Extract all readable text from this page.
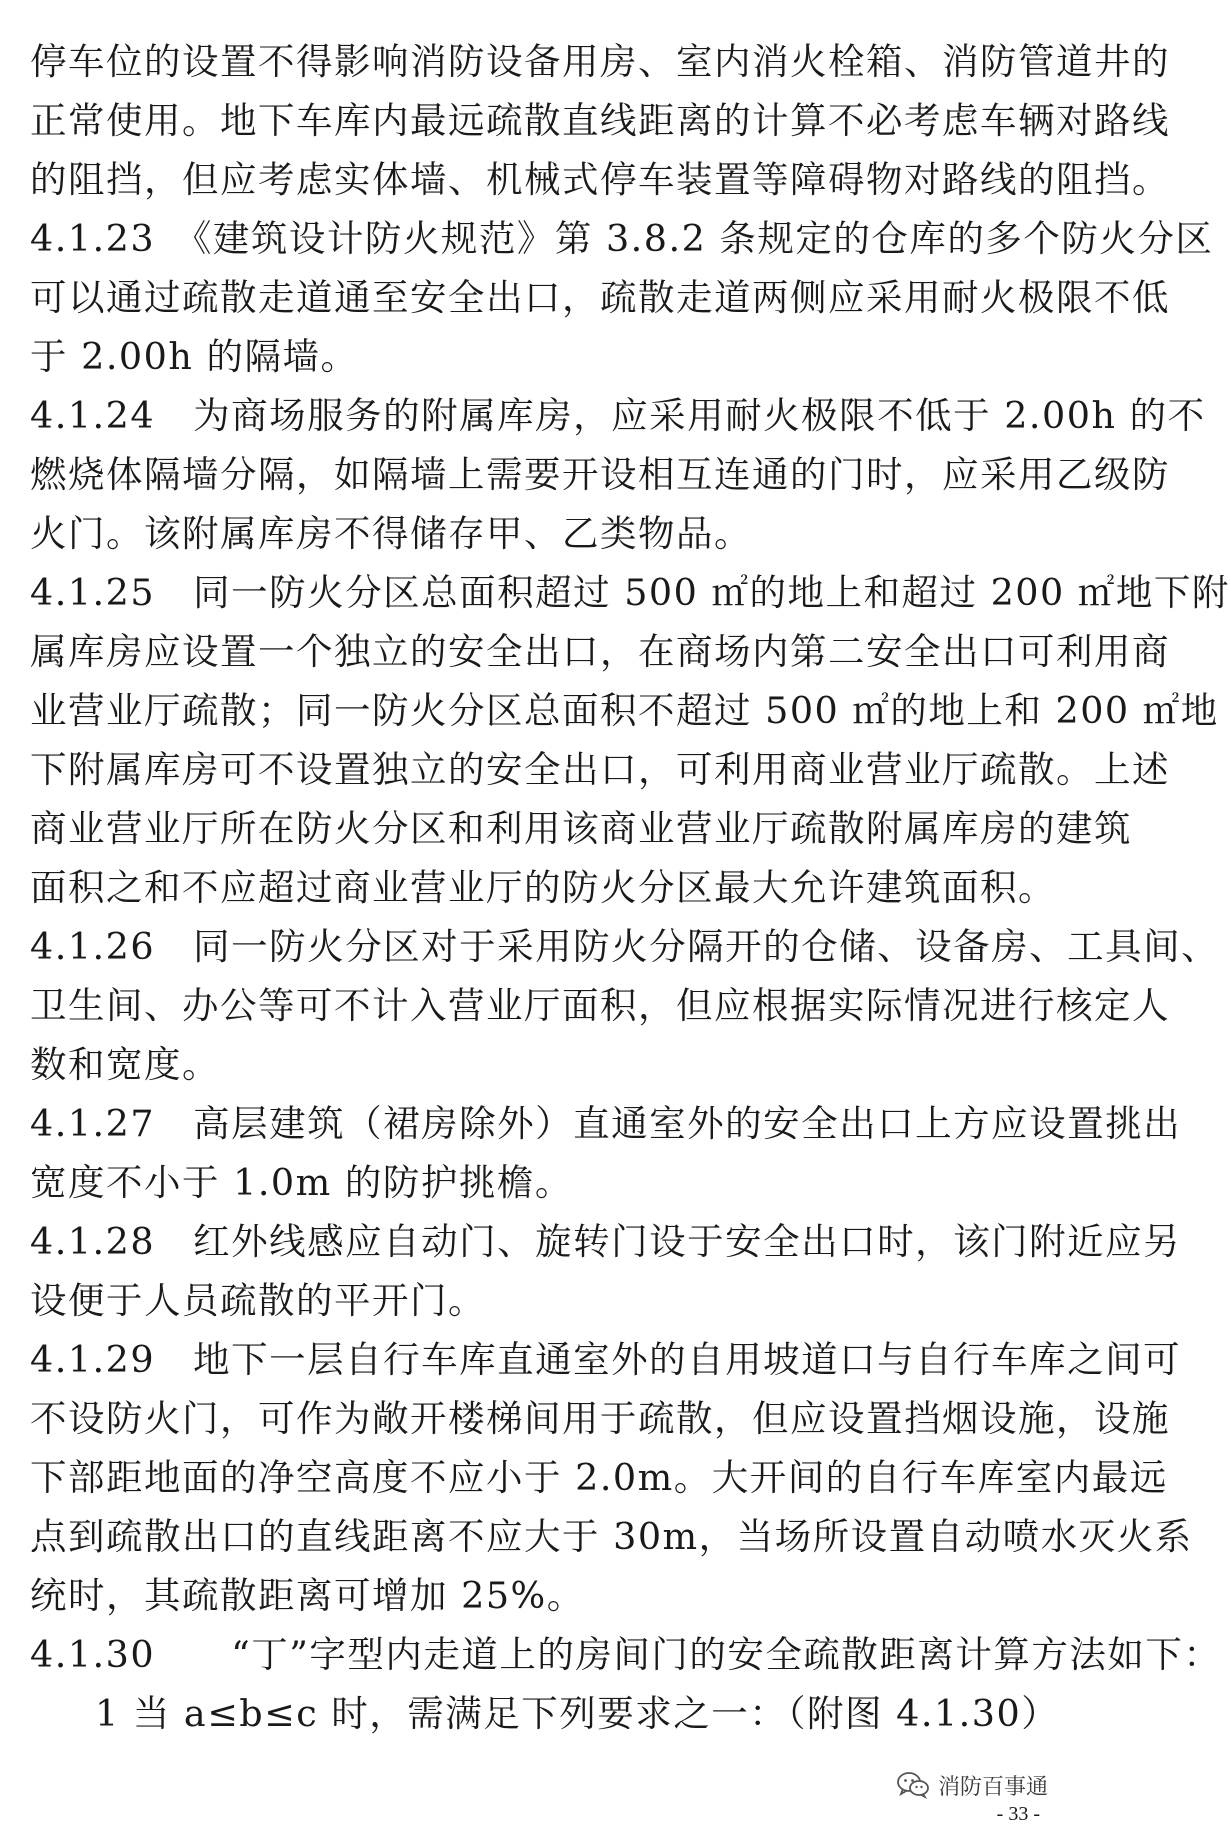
停车位的设置不得影响消防设备用房、室内消火栓箱、消防管道井的
正常使用。地下车库内最远疏散直线距离的计算不必考虑车辆对路线
的阻挡，但应考虑实体墙、机械式停车装置等障碍物对路线的阻挡。
4.1.23　《建筑设计防火规范》第 3.8.2 条规定的仓库的多个防火分区
可以通过疏散走道通至安全出口，疏散走道两侧应采用耐火极限不低
于 2.00h 的隔墙。
4.1.24　为商场服务的附属库房，应采用耐火极限不低于 2.00h 的不
燃烧体隔墙分隔，如隔墙上需要开设相互连通的门时，应采用乙级防
火门。该附属库房不得储存甲、乙类物品。
4.1.25　同一防火分区总面积超过 500 ㎡的地上和超过 200 ㎡地下附
属库房应设置一个独立的安全出口，在商场内第二安全出口可利用商
业营业厅疏散；同一防火分区总面积不超过 500 ㎡的地上和 200 ㎡地
下附属库房可不设置独立的安全出口，可利用商业营业厅疏散。上述
商业营业厅所在防火分区和利用该商业营业厅疏散附属库房的建筑
面积之和不应超过商业营业厅的防火分区最大允许建筑面积。
4.1.26　同一防火分区对于采用防火分隔开的仓储、设备房、工具间、
卫生间、办公等可不计入营业厅面积，但应根据实际情况进行核定人
数和宽度。
4.1.27　高层建筑（裙房除外）直通室外的安全出口上方应设置挑出
宽度不小于 1.0m 的防护挑檐。
4.1.28　红外线感应自动门、旋转门设于安全出口时，该门附近应另
设便于人员疏散的平开门。
4.1.29　地下一层自行车库直通室外的自用坡道口与自行车库之间可
不设防火门，可作为敞开楼梯间用于疏散，但应设置挡烟设施，设施
下部距地面的净空高度不应小于 2.0m。大开间的自行车库室内最远
点到疏散出口的直线距离不应大于 30m，当场所设置自动喷水灭火系
统时，其疏散距离可增加 25%。
4.1.30　　“丁”字型内走道上的房间门的安全疏散距离计算方法如下：
1 当 a≤b≤c 时，需满足下列要求之一：（附图 4.1.30）
消防百事通
- 33 -
